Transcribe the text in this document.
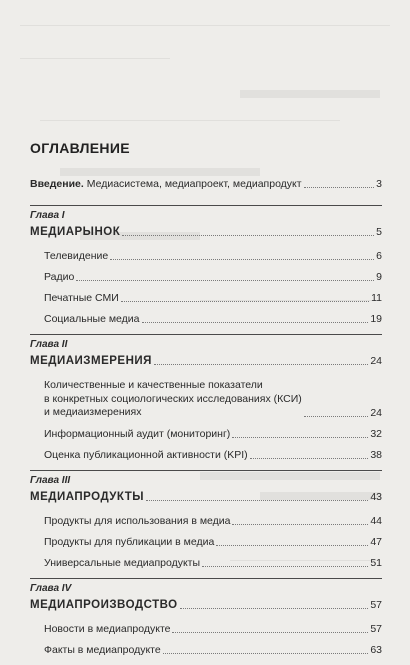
ОГЛАВЛЕНИЕ
Введение. Медиасистема, медиапроект, медиапродукт	3
Глава I
МЕДИАРЫНОК	5
Телевидение	6
Радио	9
Печатные СМИ	11
Социальные медиа	19
Глава II
МЕДИАИЗМЕРЕНИЯ	24
Количественные и качественные показатели
в конкретных социологических исследованиях (КСИ)
и медиаизмерениях	24
Информационный аудит (мониторинг)	32
Оценка публикационной активности (KPI)	38
Глава III
МЕДИАПРОДУКТЫ	43
Продукты для использования в медиа	44
Продукты для публикации в медиа	47
Универсальные медиапродукты	51
Глава IV
МЕДИАПРОИЗВОДСТВО	57
Новости в медиапродукте	57
Факты в медиапродукте	63
